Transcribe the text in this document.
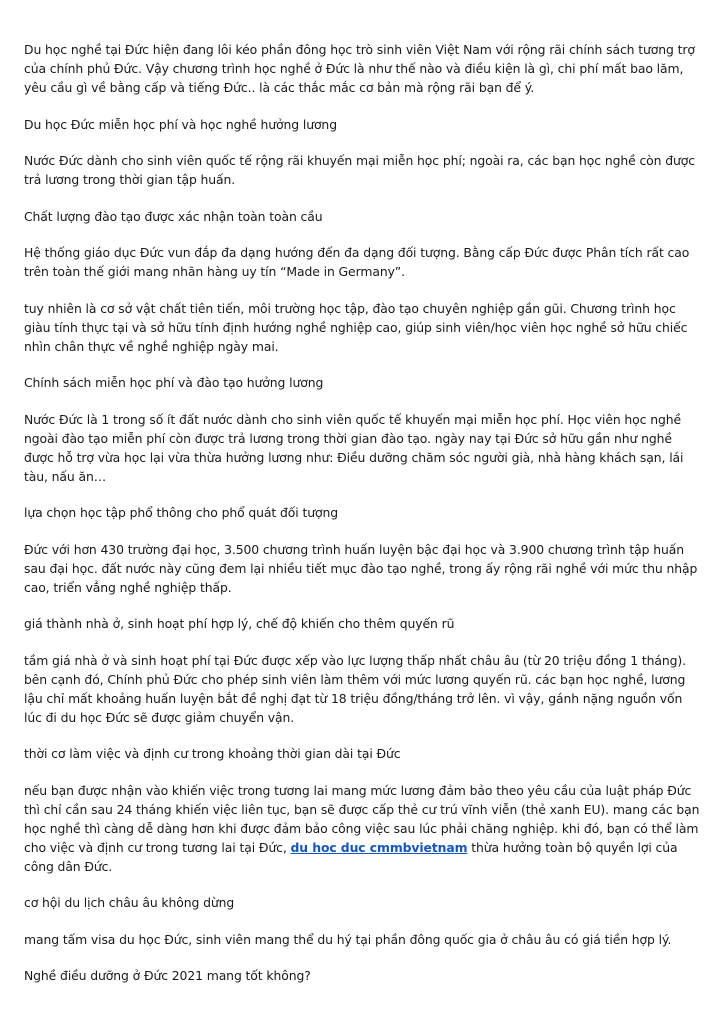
Du học nghề tại Đức hiện đang lôi kéo phần đông học trò sinh viên Việt Nam với rộng rãi chính sách tương trợ của chính phủ Đức. Vậy chương trình học nghề ở Đức là như thế nào và điều kiện là gì, chi phí mất bao lăm, yêu cầu gì về bằng cấp và tiếng Đức.. là các thắc mắc cơ bản mà rộng rãi bạn để ý.

Du học Đức miễn học phí và học nghề hưởng lương

Nước Đức dành cho sinh viên quốc tế rộng rãi khuyến mại miễn học phí; ngoài ra, các bạn học nghề còn được trả lương trong thời gian tập huấn.

Chất lượng đào tạo được xác nhận toàn toàn cầu

Hệ thống giáo dục Đức vun đắp đa dạng hướng đến đa dạng đối tượng. Bằng cấp Đức được Phân tích rất cao trên toàn thế giới mang nhãn hàng uy tín “Made in Germany”.

tuy nhiên là cơ sở vật chất tiên tiến, môi trường học tập, đào tạo chuyên nghiệp gần gũi. Chương trình học giàu tính thực tại và sở hữu tính định hướng nghề nghiệp cao, giúp sinh viên/học viên học nghề sở hữu chiếc nhìn chân thực về nghề nghiệp ngày mai.

Chính sách miễn học phí và đào tạo hưởng lương

Nước Đức là 1 trong số ít đất nước dành cho sinh viên quốc tế khuyến mại miễn học phí. Học viên học nghề ngoài đào tạo miễn phí còn được trả lương trong thời gian đào tạo. ngày nay tại Đức sở hữu gần như nghề được hỗ trợ vừa học lại vừa thừa hưởng lương như: Điều dưỡng chăm sóc người già, nhà hàng khách sạn, lái tàu, nấu ăn…

lựa chọn học tập phổ thông cho phổ quát đối tượng

Đức với hơn 430 trường đại học, 3.500 chương trình huấn luyện bậc đại học và 3.900 chương trình tập huấn sau đại học. đất nước này cũng đem lại nhiều tiết mục đào tạo nghề, trong ấy rộng rãi nghề với mức thu nhập cao, triển vẳng nghề nghiệp thấp.

giá thành nhà ở, sinh hoạt phí hợp lý, chế độ khiến cho thêm quyến rũ

tầm giá nhà ở và sinh hoạt phí tại Đức được xếp vào lực lượng thấp nhất châu âu (từ 20 triệu đồng 1 tháng). bên cạnh đó, Chính phủ Đức cho phép sinh viên làm thêm với mức lương quyến rũ. các bạn học nghề, lương lậu chỉ mất khoảng huấn luyện bắt đề nghị đạt từ 18 triệu đồng/tháng trở lên. vì vậy, gánh nặng nguồn vốn lúc đi du học Đức sẽ được giảm chuyển vận.

thời cơ làm việc và định cư trong khoảng thời gian dài tại Đức

nếu bạn được nhận vào khiến việc trong tương lai mang mức lương đảm bảo theo yêu cầu của luật pháp Đức thì chỉ cần sau 24 tháng khiến việc liên tục, bạn sẽ được cấp thẻ cư trú vĩnh viễn (thẻ xanh EU). mang các bạn học nghề thì càng dễ dàng hơn khi được đảm bảo công việc sau lúc phải chăng nghiệp. khi đó, bạn có thể làm cho việc và định cư trong tương lai tại Đức, du hoc duc cmmbvietnam thừa hưởng toàn bộ quyền lợi của công dân Đức.

cơ hội du lịch châu âu không dừng

mang tấm visa du học Đức, sinh viên mang thể du hý tại phần đông quốc gia ở châu âu có giá tiền hợp lý.

Nghề điều dưỡng ở Đức 2021 mang tốt không?
